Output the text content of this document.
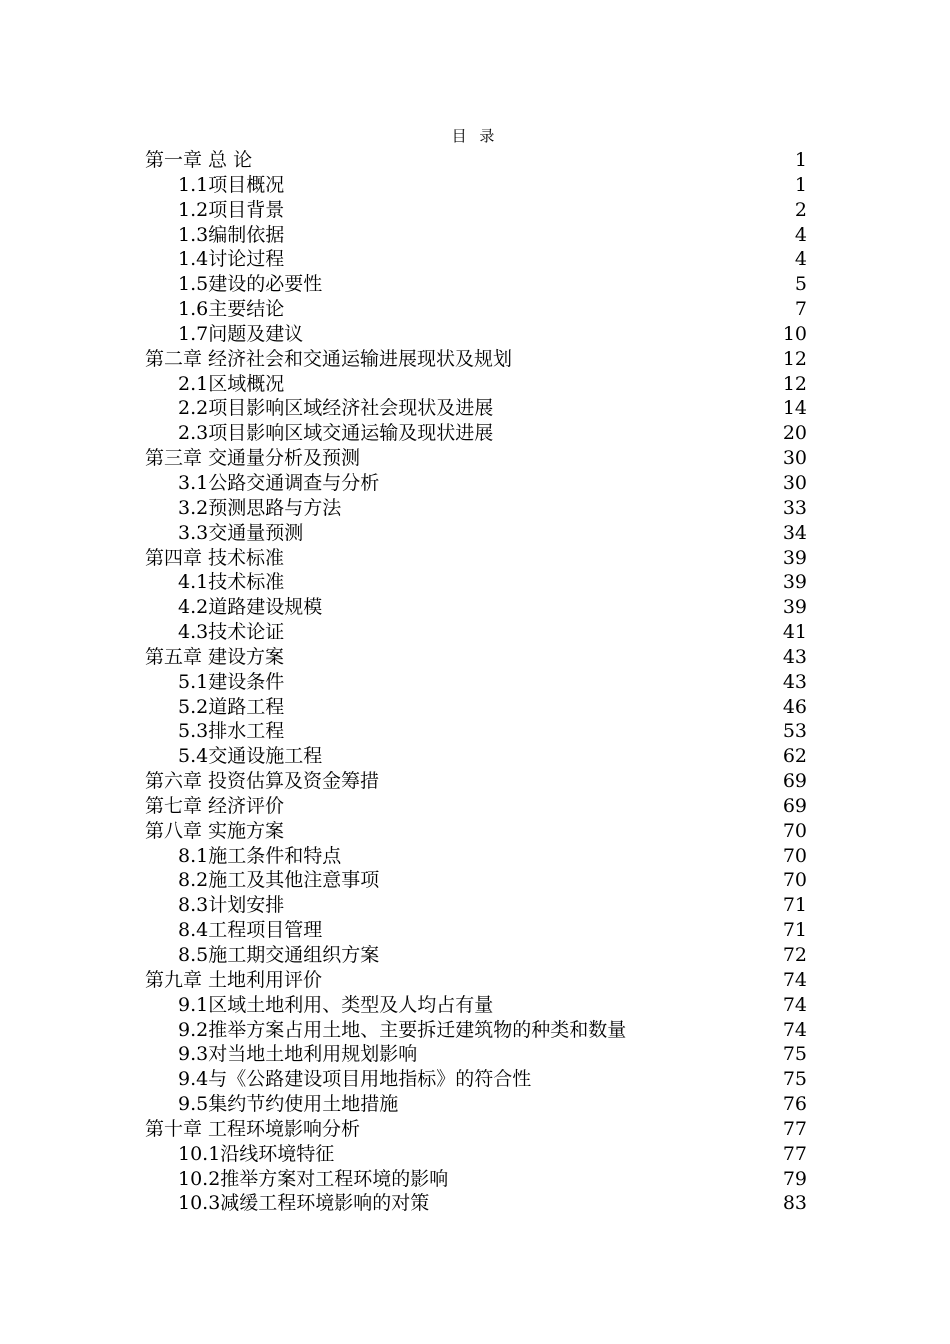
目 录
第一章 总 论	1
1.1项目概况	1
1.2项目背景	2
1.3编制依据	4
1.4讨论过程	4
1.5建设的必要性	5
1.6主要结论	7
1.7问题及建议	10
第二章 经济社会和交通运输进展现状及规划	12
2.1区域概况	12
2.2项目影响区域经济社会现状及进展	14
2.3项目影响区域交通运输及现状进展	20
第三章 交通量分析及预测	30
3.1公路交通调查与分析	30
3.2预测思路与方法	33
3.3交通量预测	34
第四章 技术标准	39
4.1技术标准	39
4.2道路建设规模	39
4.3技术论证	41
第五章 建设方案	43
5.1建设条件	43
5.2道路工程	46
5.3排水工程	53
5.4交通设施工程	62
第六章 投资估算及资金筹措	69
第七章 经济评价	69
第八章 实施方案	70
8.1施工条件和特点	70
8.2施工及其他注意事项	70
8.3计划安排	71
8.4工程项目管理	71
8.5施工期交通组织方案	72
第九章 土地利用评价	74
9.1区域土地利用、类型及人均占有量	74
9.2推举方案占用土地、主要拆迁建筑物的种类和数量	74
9.3对当地土地利用规划影响	75
9.4与《公路建设项目用地指标》的符合性	75
9.5集约节约使用土地措施	76
第十章 工程环境影响分析	77
10.1沿线环境特征	77
10.2推举方案对工程环境的影响	79
10.3减缓工程环境影响的对策	83
